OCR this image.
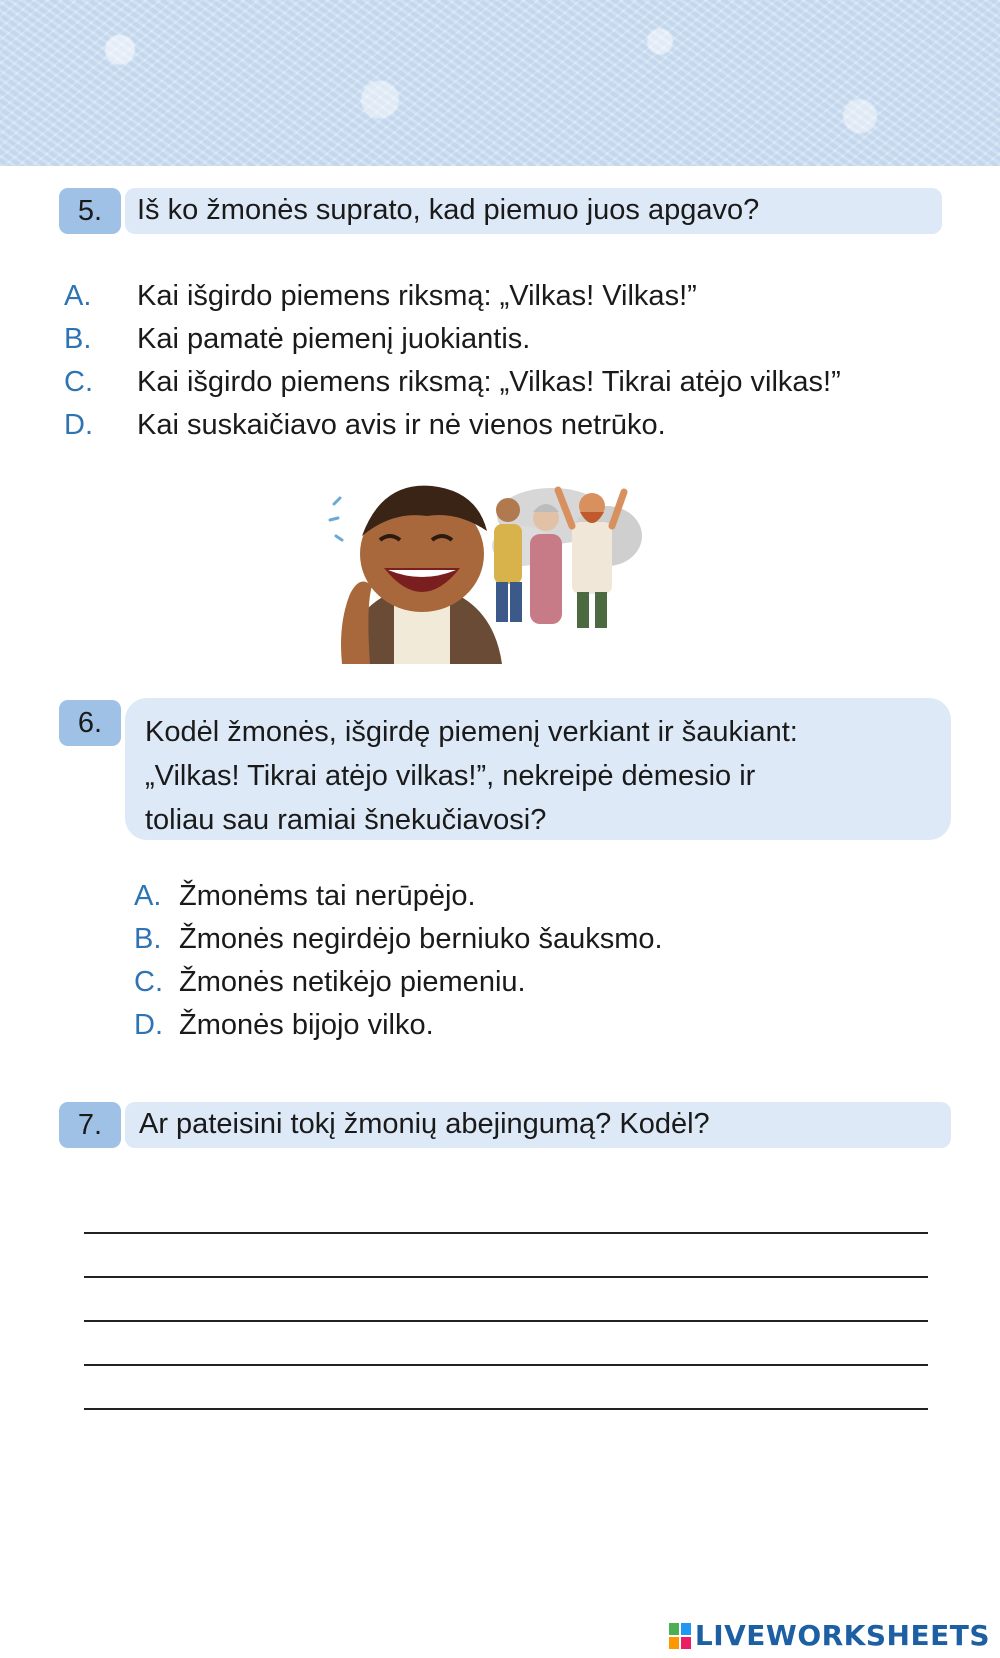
5.	Iš ko žmonės suprato, kad piemuo juos apgavo?
A. Kai išgirdo piemens riksmą: „Vilkas! Vilkas!”
B. Kai pamatė piemenį juokiantis.
C. Kai išgirdo piemens riksmą: „Vilkas! Tikrai atėjo vilkas!”
D. Kai suskaičiavo avis ir nė vienos netrūko.
6.	Kodėl žmonės, išgirdę piemenį verkiant ir šaukiant:
„Vilkas! Tikrai atėjo vilkas!”, nekreipė dėmesio ir
toliau sau ramiai šnekučiavosi?
A. Žmonėms tai nerūpėjo.
B. Žmonės negirdėjo berniuko šauksmo.
C. Žmonės netikėjo piemeniu.
D. Žmonės bijojo vilko.
7.	Ar pateisini tokį žmonių abejingumą? Kodėl?
LIVEWORKSHEETS
